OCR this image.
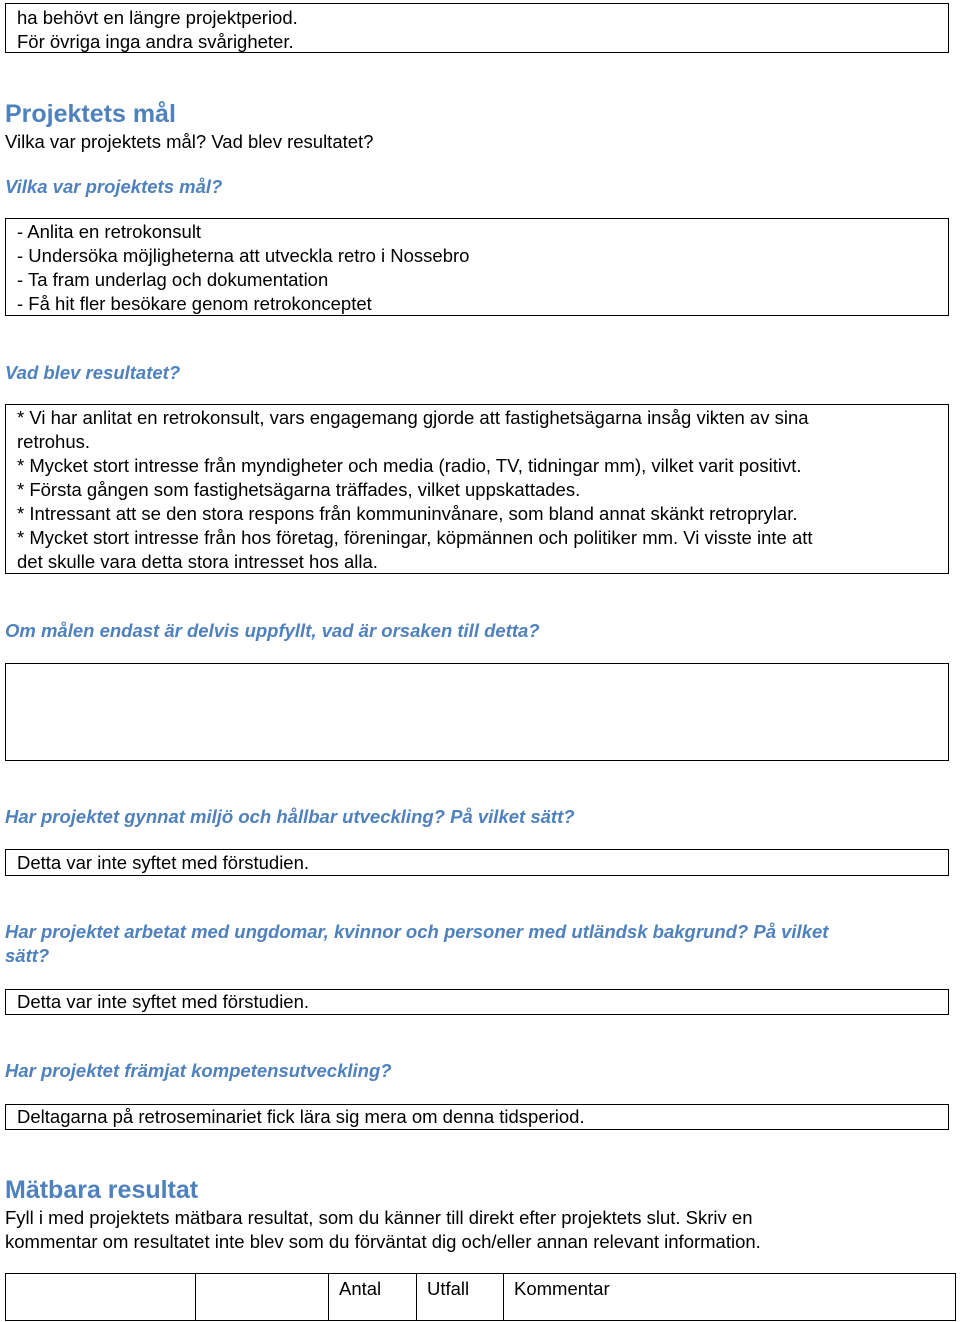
ha behövt en längre projektperiod.
För övriga inga andra svårigheter.
Projektets mål
Vilka var projektets mål? Vad blev resultatet?
Vilka var projektets mål?
- Anlita en retrokonsult
- Undersöka möjligheterna att utveckla retro i Nossebro
- Ta fram underlag och dokumentation
- Få hit fler besökare genom retrokonceptet
Vad blev resultatet?
* Vi har anlitat en retrokonsult, vars engagemang gjorde att fastighetsägarna insåg vikten av sina
retrohus.
* Mycket stort intresse från myndigheter och media (radio, TV, tidningar mm), vilket varit positivt.
* Första gången som fastighetsägarna träffades, vilket uppskattades.
* Intressant att se den stora respons från kommuninvånare, som bland annat skänkt retroprylar.
* Mycket stort intresse från hos företag, föreningar, köpmännen och politiker mm. Vi visste inte att
det skulle vara detta stora intresset hos alla.
Om målen endast är delvis uppfyllt, vad är orsaken till detta?
Har projektet gynnat miljö och hållbar utveckling? På vilket sätt?
Detta var inte syftet med förstudien.
Har projektet arbetat med ungdomar, kvinnor och personer med utländsk bakgrund? På vilket
sätt?
Detta var inte syftet med förstudien.
Har projektet främjat kompetensutveckling?
Deltagarna på retroseminariet fick lära sig mera om denna tidsperiod.
Mätbara resultat
Fyll i med projektets mätbara resultat, som du känner till direkt efter projektets slut. Skriv en
kommentar om resultatet inte blev som du förväntat dig och/eller annan relevant information.
Antal Utfall Kommentar
